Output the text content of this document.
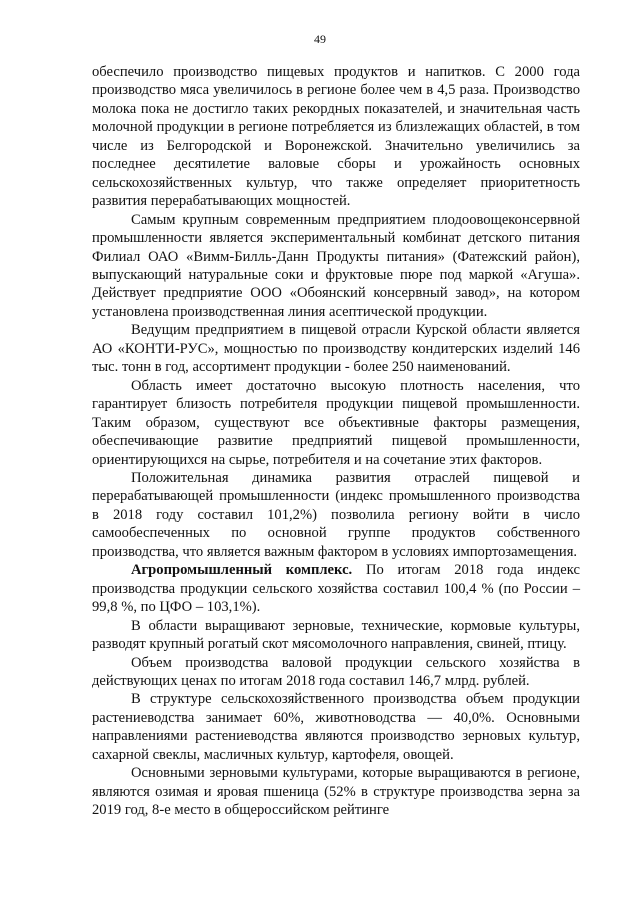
49

обеспечило производство пищевых продуктов и напитков. С 2000 года производство мяса увеличилось в регионе более чем в 4,5 раза. Производство молока пока не достигло таких рекордных показателей, и значительная часть молочной продукции в регионе потребляется из близлежащих областей, в том числе из Белгородской и Воронежской. Значительно увеличились за последнее десятилетие валовые сборы и урожайность основных сельскохозяйственных культур, что также определяет приоритетность развития перерабатывающих мощностей.

Самым крупным современным предприятием плодоовощеконсервной промышленности является экспериментальный комбинат детского питания Филиал ОАО «Вимм-Билль-Данн Продукты питания» (Фатежский район), выпускающий натуральные соки и фруктовые пюре под маркой «Агуша». Действует предприятие ООО «Обоянский консервный завод», на котором установлена производственная линия асептической продукции.

Ведущим предприятием в пищевой отрасли Курской области является АО «КОНТИ-РУС», мощностью по производству кондитерских изделий 146 тыс. тонн в год, ассортимент продукции - более 250 наименований.

Область имеет достаточно высокую плотность населения, что гарантирует близость потребителя продукции пищевой промышленности. Таким образом, существуют все объективные факторы размещения, обеспечивающие развитие предприятий пищевой промышленности, ориентирующихся на сырье, потребителя и на сочетание этих факторов.

Положительная динамика развития отраслей пищевой и перерабатывающей промышленности (индекс промышленного производства в 2018 году составил 101,2%) позволила региону войти в число самообеспеченных по основной группе продуктов собственного производства, что является важным фактором в условиях импортозамещения.

Агропромышленный комплекс. По итогам 2018 года индекс производства продукции сельского хозяйства составил 100,4 % (по России – 99,8 %, по ЦФО – 103,1%).

В области выращивают зерновые, технические, кормовые культуры, разводят крупный рогатый скот мясомолочного направления, свиней, птицу.

Объем производства валовой продукции сельского хозяйства в действующих ценах по итогам 2018 года составил 146,7 млрд. рублей.

В структуре сельскохозяйственного производства объем продукции растениеводства занимает 60%, животноводства — 40,0%. Основными направлениями растениеводства являются производство зерновых культур, сахарной свеклы, масличных культур, картофеля, овощей.

Основными зерновыми культурами, которые выращиваются в регионе, являются озимая и яровая пшеница (52% в структуре производства зерна за 2019 год, 8-е место в общероссийском рейтинге
